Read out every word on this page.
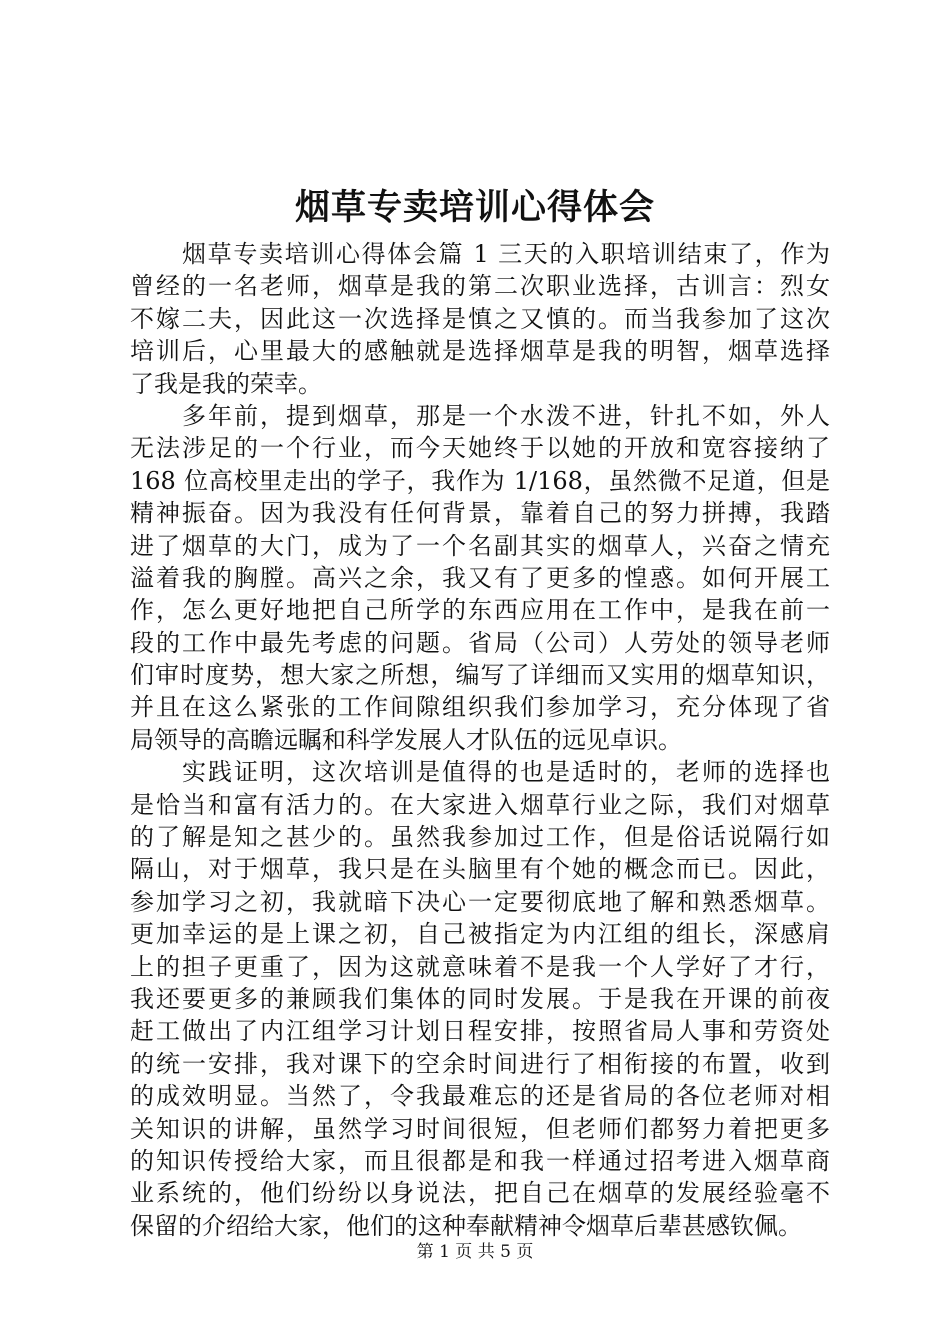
烟草专卖培训心得体会
烟草专卖培训心得体会篇 1 三天的入职培训结束了，作为
曾经的一名老师，烟草是我的第二次职业选择，古训言：烈女
不嫁二夫，因此这一次选择是慎之又慎的。而当我参加了这次
培训后，心里最大的感触就是选择烟草是我的明智，烟草选择
了我是我的荣幸。
多年前，提到烟草，那是一个水泼不进，针扎不如，外人
无法涉足的一个行业，而今天她终于以她的开放和宽容接纳了
168 位高校里走出的学子，我作为 1/168，虽然微不足道，但是
精神振奋。因为我没有任何背景，靠着自己的努力拼搏，我踏
进了烟草的大门，成为了一个名副其实的烟草人，兴奋之情充
溢着我的胸膛。高兴之余，我又有了更多的惶惑。如何开展工
作，怎么更好地把自己所学的东西应用在工作中，是我在前一
段的工作中最先考虑的问题。省局（公司）人劳处的领导老师
们审时度势，想大家之所想，编写了详细而又实用的烟草知识，
并且在这么紧张的工作间隙组织我们参加学习，充分体现了省
局领导的高瞻远瞩和科学发展人才队伍的远见卓识。
实践证明，这次培训是值得的也是适时的，老师的选择也
是恰当和富有活力的。在大家进入烟草行业之际，我们对烟草
的了解是知之甚少的。虽然我参加过工作，但是俗话说隔行如
隔山，对于烟草，我只是在头脑里有个她的概念而已。因此，
参加学习之初，我就暗下决心一定要彻底地了解和熟悉烟草。
更加幸运的是上课之初，自己被指定为内江组的组长，深感肩
上的担子更重了，因为这就意味着不是我一个人学好了才行，
我还要更多的兼顾我们集体的同时发展。于是我在开课的前夜
赶工做出了内江组学习计划日程安排，按照省局人事和劳资处
的统一安排，我对课下的空余时间进行了相衔接的布置，收到
的成效明显。当然了，令我最难忘的还是省局的各位老师对相
关知识的讲解，虽然学习时间很短，但老师们都努力着把更多
的知识传授给大家，而且很都是和我一样通过招考进入烟草商
业系统的，他们纷纷以身说法，把自己在烟草的发展经验毫不
保留的介绍给大家，他们的这种奉献精神令烟草后辈甚感钦佩。
第 1 页 共 5 页
